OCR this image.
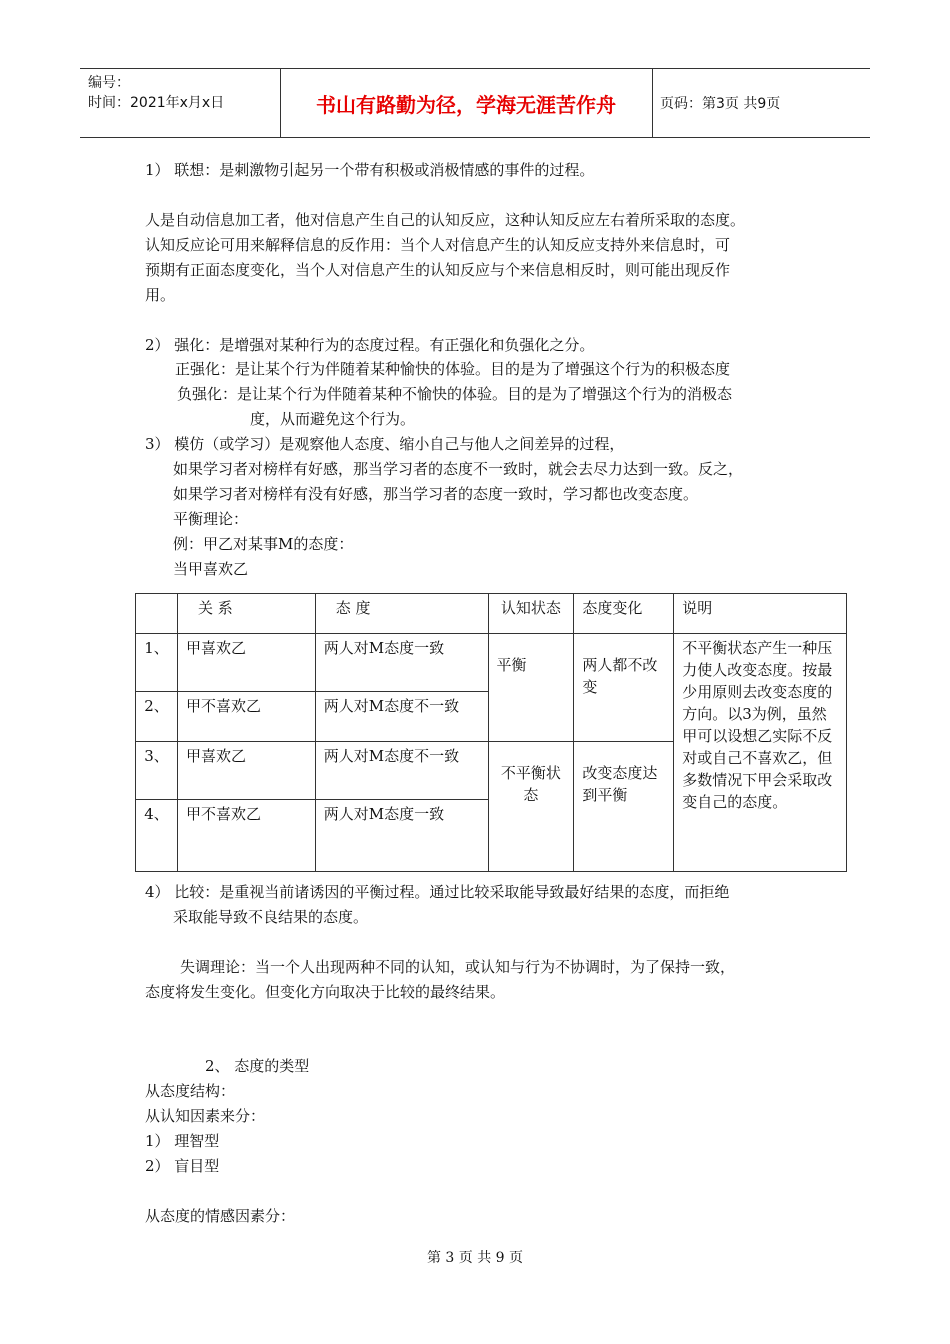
编号：
时间：2021年x月x日	书山有路勤为径，学海无涯苦作舟	页码：第3页 共9页
1） 联想：是刺激物引起另一个带有积极或消极情感的事件的过程。
人是自动信息加工者，他对信息产生自己的认知反应，这种认知反应左右着所采取的态度。
认知反应论可用来解释信息的反作用：当个人对信息产生的认知反应支持外来信息时，可
预期有正面态度变化，当个人对信息产生的认知反应与个来信息相反时，则可能出现反作
用。
2） 强化：是增强对某种行为的态度过程。有正强化和负强化之分。
正强化：是让某个行为伴随着某种愉快的体验。目的是为了增强这个行为的积极态度
负强化：是让某个行为伴随着某种不愉快的体验。目的是为了增强这个行为的消极态
度，从而避免这个行为。
3） 模仿（或学习）是观察他人态度、缩小自己与他人之间差异的过程，
如果学习者对榜样有好感，那当学习者的态度不一致时，就会去尽力达到一致。反之，
如果学习者对榜样有没有好感，那当学习者的态度一致时，学习都也改变态度。
平衡理论：
例：甲乙对某事M的态度：
当甲喜欢乙
	关 系	态 度	认知状态	态度变化	说明
1、	甲喜欢乙	两人对M态度一致	平衡	两人都不改变	不平衡状态产生一种压力使人改变态度。按最少用原则去改变态度的方向。以3为例，虽然甲可以设想乙实际不反对或自己不喜欢乙，但多数情况下甲会采取改变自己的态度。
2、	甲不喜欢乙	两人对M态度不一致			
3、	甲喜欢乙	两人对M态度不一致	不平衡状态	改变态度达到平衡	
4、	甲不喜欢乙	两人对M态度一致			
4） 比较：是重视当前诸诱因的平衡过程。通过比较采取能导致最好结果的态度，而拒绝
采取能导致不良结果的态度。
失调理论：当一个人出现两种不同的认知，或认知与行为不协调时，为了保持一致，
态度将发生变化。但变化方向取决于比较的最终结果。
2、 态度的类型
从态度结构：
从认知因素来分：
1） 理智型
2） 盲目型
从态度的情感因素分：
第 3 页 共 9 页
